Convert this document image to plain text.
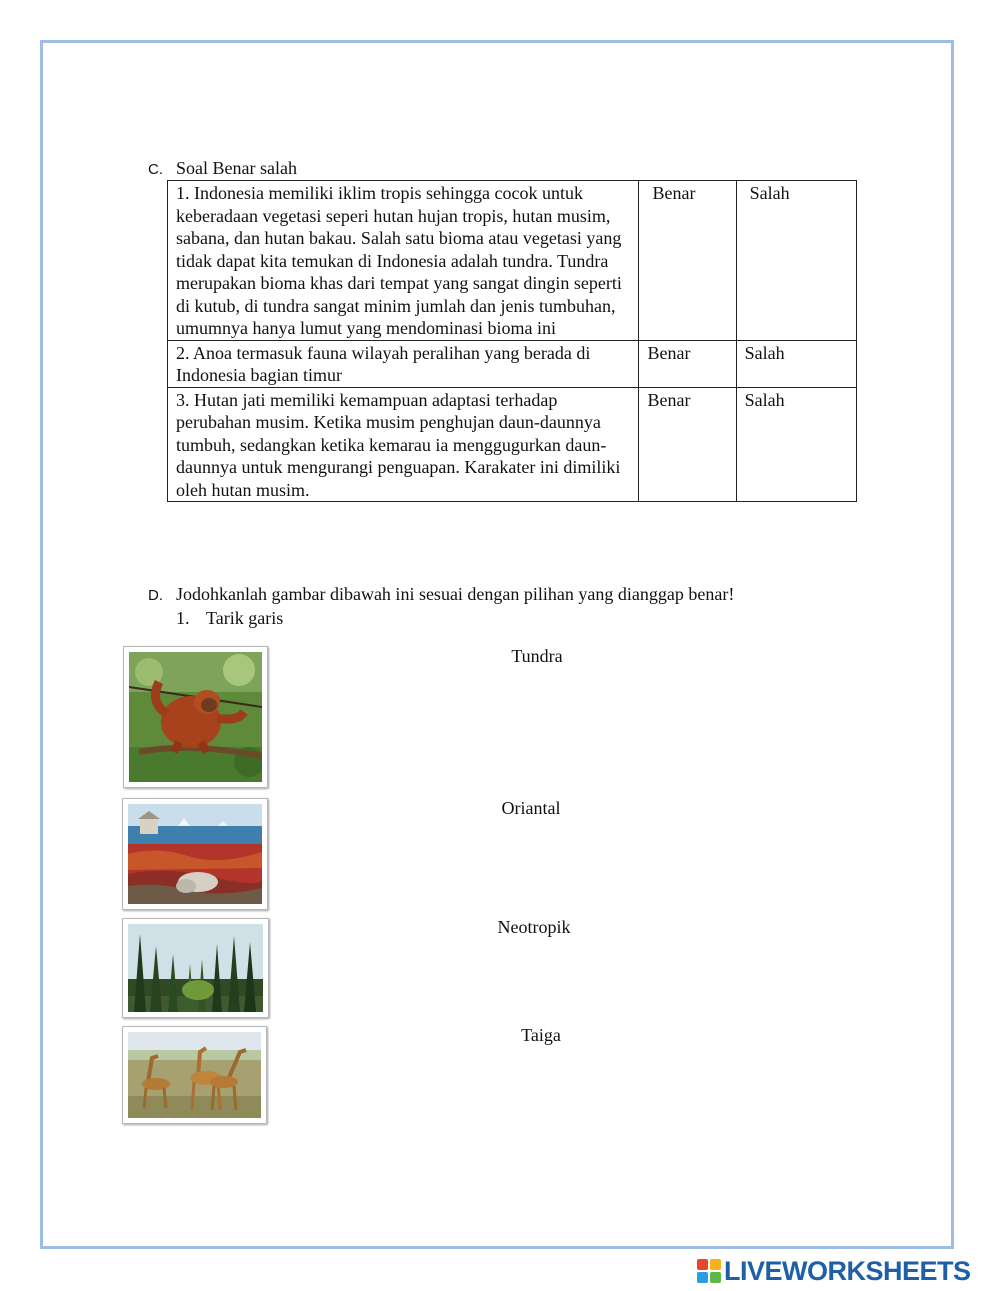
C. Soal Benar salah
1. Indonesia memiliki iklim tropis sehingga cocok untuk keberadaan vegetasi seperi hutan hujan tropis, hutan musim, sabana, dan hutan bakau. Salah satu bioma atau vegetasi yang tidak dapat kita temukan di Indonesia adalah tundra. Tundra merupakan bioma khas dari tempat yang sangat dingin seperti di kutub, di tundra sangat minim jumlah dan jenis tumbuhan, umumnya hanya lumut yang mendominasi bioma ini	Benar	Salah
2. Anoa termasuk fauna wilayah peralihan yang berada di Indonesia bagian timur	Benar	Salah
3. Hutan jati memiliki kemampuan adaptasi terhadap perubahan musim. Ketika musim penghujan daun-daunnya tumbuh, sedangkan ketika kemarau ia menggugurkan daun-daunnya untuk mengurangi penguapan. Karakater ini dimiliki oleh hutan musim.	Benar	Salah
D. Jodohkanlah gambar dibawah ini sesuai dengan pilihan yang dianggap benar!
1. Tarik garis
Tundra
Oriantal
Neotropik
Taiga
LIVEWORKSHEETS
